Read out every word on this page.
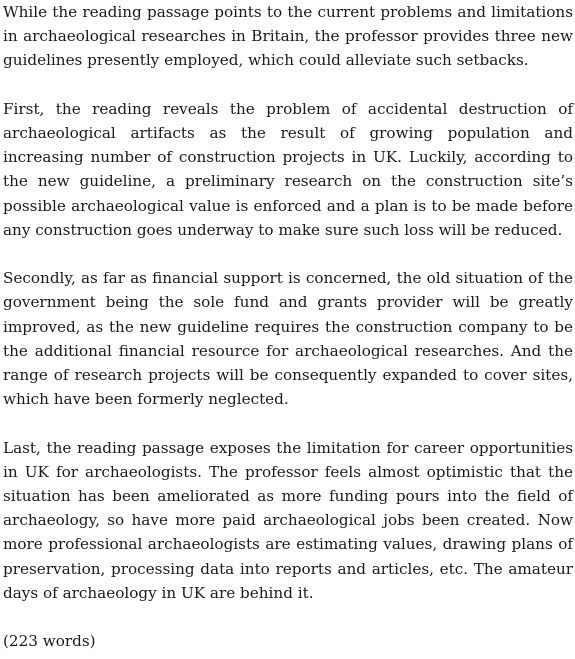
While the reading passage points to the current problems and limitations in archaeological researches in Britain, the professor provides three new guidelines presently employed, which could alleviate such setbacks.

First, the reading reveals the problem of accidental destruction of archaeological artifacts as the result of growing population and increasing number of construction projects in UK. Luckily, according to the new guideline, a preliminary research on the construction site’s possible archaeological value is enforced and a plan is to be made before any construction goes underway to make sure such loss will be reduced.

Secondly, as far as financial support is concerned, the old situation of the government being the sole fund and grants provider will be greatly improved, as the new guideline requires the construction company to be the additional financial resource for archaeological researches. And the range of research projects will be consequently expanded to cover sites, which have been formerly neglected.

Last, the reading passage exposes the limitation for career opportunities in UK for archaeologists. The professor feels almost optimistic that the situation has been ameliorated as more funding pours into the field of archaeology, so have more paid archaeological jobs been created. Now more professional archaeologists are estimating values, drawing plans of preservation, processing data into reports and articles, etc. The amateur days of archaeology in UK are behind it.

(223 words)
